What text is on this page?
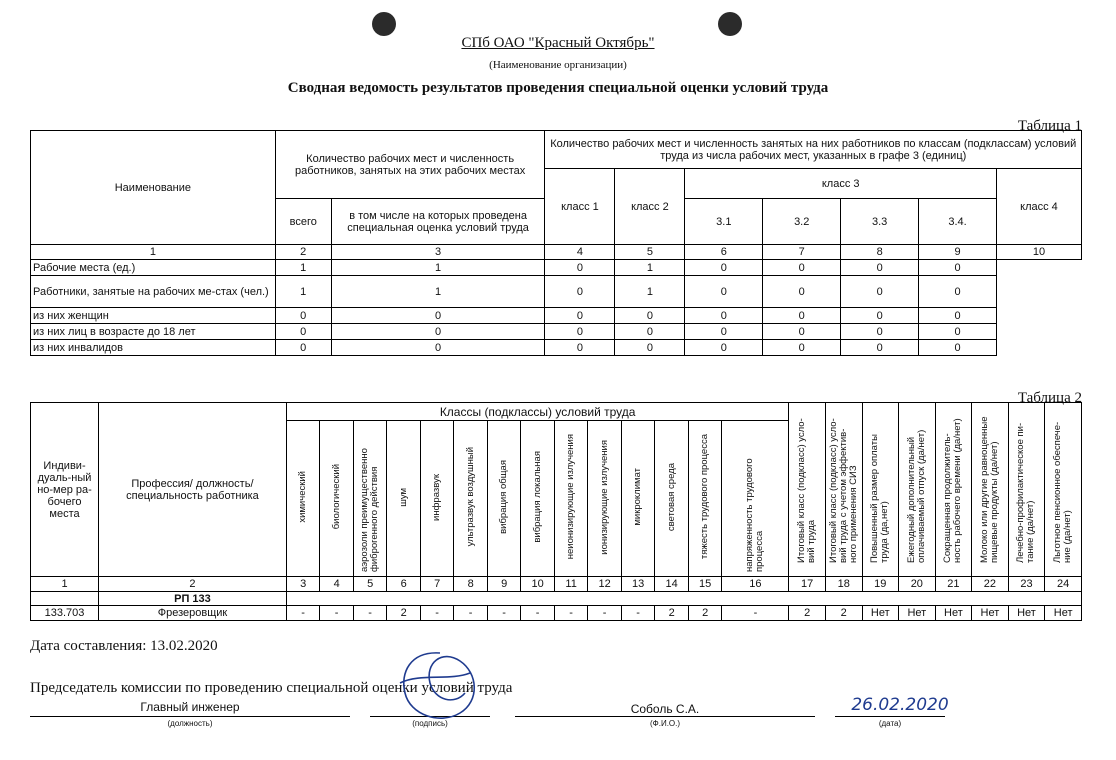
СПб ОАО "Красный Октябрь"
(Наименование организации)
Сводная ведомость результатов проведения специальной оценки условий труда
Таблица 1
Наименование	Количество рабочих мест и численность работников, занятых на этих рабочих местах		Количество рабочих мест и численность занятых на них работников по классам (подклассам) условий труда из числа рабочих мест, указанных в графе 3 (единиц)						
			класс 1	класс 2	класс 3				класс 4
	всего	в том числе на которых проведена специальная оценка условий труда			3.1	3.2	3.3	3.4.	
1	2	3	4	5	6	7	8	9	10
Рабочие места (ед.)	1	1	0	1	0	0	0	0	
Работники, занятые на рабочих ме-стах (чел.)	1	1	0	1	0	0	0	0	
из них женщин	0	0	0	0	0	0	0	0	
из них лиц в возрасте до 18 лет	0	0	0	0	0	0	0	0	
из них инвалидов	0	0	0	0	0	0	0	0	
Таблица 2
Индиви-дуаль-ный но-мер ра-бочего места	Профессия/ должность/ специальность работника	Классы (подклассы) условий труда														Итоговый класс (подкласс) усло-вий труда	Итоговый класс (подкласс) усло-вий труда с учетом эффектив-ного применения СИЗ	Повышенный размер оплаты труда (да,нет)	Ежегодный дополнительный оплачиваемый отпуск (да/нет)	Сокращенная продолжитель-ность рабочего времени (да/нет)	Молоко или другие равноценные пищевые продукты (да/нет)	Лечебно-профилактическое пи-тание (да/нет)	Льготное пенсионное обеспече-ние (да/нет)
		химический	биологический	аэрозоли преимущественно фиброгенного действия	шум	инфразвук	ультразвук воздушный	вибрация общая	вибрация локальная	неионизирующие излучения	ионизирующие излучения	микроклимат	световая среда	тяжесть трудового процесса	напряженность трудового процесса								
1	2	3	4	5	6	7	8	9	10	11	12	13	14	15	16	17	18	19	20	21	22	23	24
	РП 133																						
133.703	Фрезеровщик	-	-	-	2	-	-	-	-	-	-	-	2	2	-	2	2	Нет	Нет	Нет	Нет	Нет	Нет
Дата составления: 13.02.2020
Председатель комиссии по проведению специальной оценки условий труда
Главный инженер
(должность)	(подпись)
Соболь С.А.
(Ф.И.О.)
26.02.2020
(дата)
